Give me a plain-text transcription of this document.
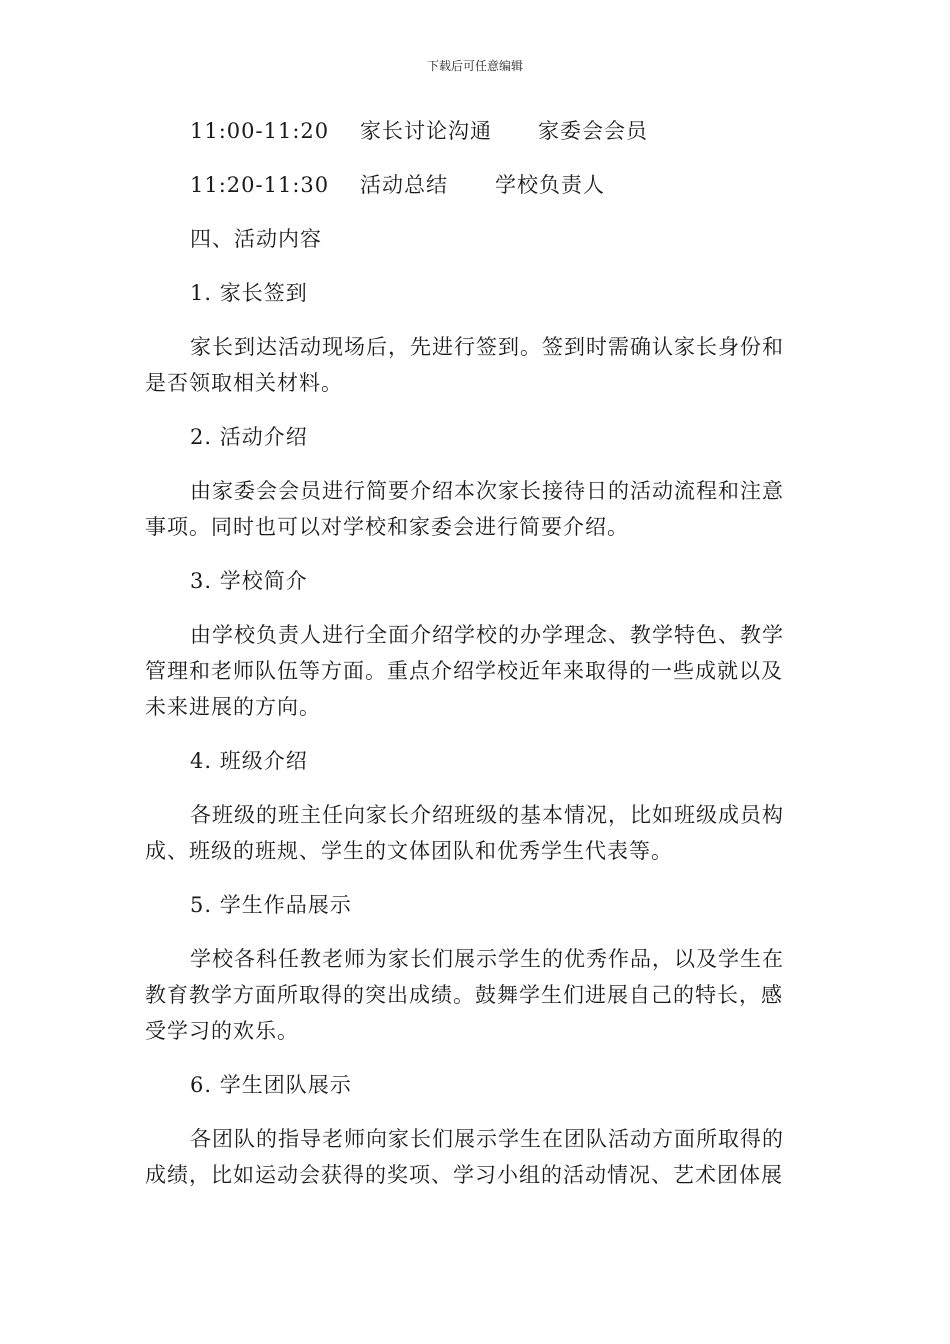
下载后可任意编辑
11:00-11:20 家长讨论沟通 家委会会员
11:20-11:30 活动总结 学校负责人
四、活动内容
1. 家长签到
家长到达活动现场后，先进行签到。签到时需确认家长身份和
是否领取相关材料。
2. 活动介绍
由家委会会员进行简要介绍本次家长接待日的活动流程和注意
事项。同时也可以对学校和家委会进行简要介绍。
3. 学校简介
由学校负责人进行全面介绍学校的办学理念、教学特色、教学
管理和老师队伍等方面。重点介绍学校近年来取得的一些成就以及
未来进展的方向。
4. 班级介绍
各班级的班主任向家长介绍班级的基本情况，比如班级成员构
成、班级的班规、学生的文体团队和优秀学生代表等。
5. 学生作品展示
学校各科任教老师为家长们展示学生的优秀作品，以及学生在
教育教学方面所取得的突出成绩。鼓舞学生们进展自己的特长，感
受学习的欢乐。
6. 学生团队展示
各团队的指导老师向家长们展示学生在团队活动方面所取得的
成绩，比如运动会获得的奖项、学习小组的活动情况、艺术团体展
